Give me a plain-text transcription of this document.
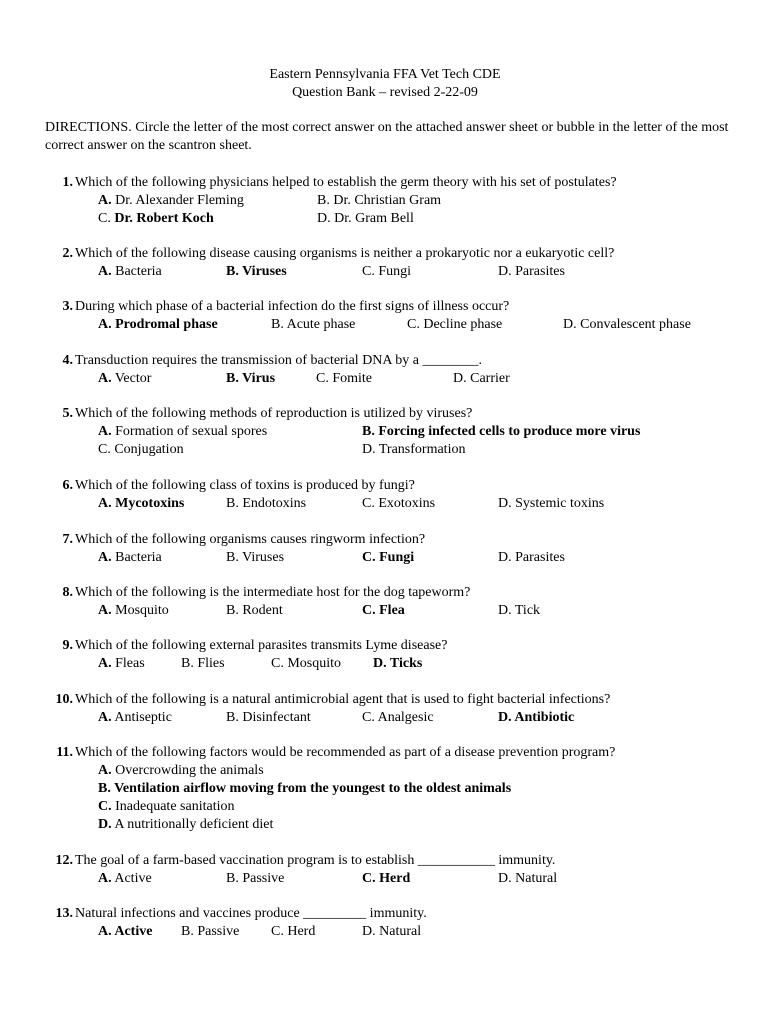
Eastern Pennsylvania FFA Vet Tech CDE
Question Bank – revised 2-22-09
DIRECTIONS. Circle the letter of the most correct answer on the attached answer sheet or bubble in the letter of the most correct answer on the scantron sheet.
1. Which of the following physicians helped to establish the germ theory with his set of postulates?
A. Dr. Alexander Fleming	B. Dr. Christian Gram
C. Dr. Robert Koch	D. Dr. Gram Bell
2. Which of the following disease causing organisms is neither a prokaryotic nor a eukaryotic cell?
A. Bacteria	B. Viruses	C. Fungi	D. Parasites
3. During which phase of a bacterial infection do the first signs of illness occur?
A. Prodromal phase	B. Acute phase	C. Decline phase	D. Convalescent phase
4. Transduction requires the transmission of bacterial DNA by a ________.
A. Vector	B. Virus	C. Fomite	D. Carrier
5. Which of the following methods of reproduction is utilized by viruses?
A. Formation of sexual spores	B. Forcing infected cells to produce more virus
C. Conjugation	D. Transformation
6. Which of the following class of toxins is produced by fungi?
A. Mycotoxins	B. Endotoxins	C. Exotoxins	D. Systemic toxins
7. Which of the following organisms causes ringworm infection?
A. Bacteria	B. Viruses	C. Fungi	D. Parasites
8. Which of the following is the intermediate host for the dog tapeworm?
A. Mosquito	B. Rodent	C. Flea	D. Tick
9. Which of the following external parasites transmits Lyme disease?
A. Fleas	B. Flies	C. Mosquito D. Ticks
10. Which of the following is a natural antimicrobial agent that is used to fight bacterial infections?
A. Antiseptic	B. Disinfectant	C. Analgesic	D. Antibiotic
11. Which of the following factors would be recommended as part of a disease prevention program?
A. Overcrowding the animals
B. Ventilation airflow moving from the youngest to the oldest animals
C. Inadequate sanitation
D. A nutritionally deficient diet
12. The goal of a farm-based vaccination program is to establish ___________ immunity.
A. Active	B. Passive	C. Herd	D. Natural
13. Natural infections and vaccines produce _________ immunity.
A. Active B. Passive C. Herd	D. Natural
